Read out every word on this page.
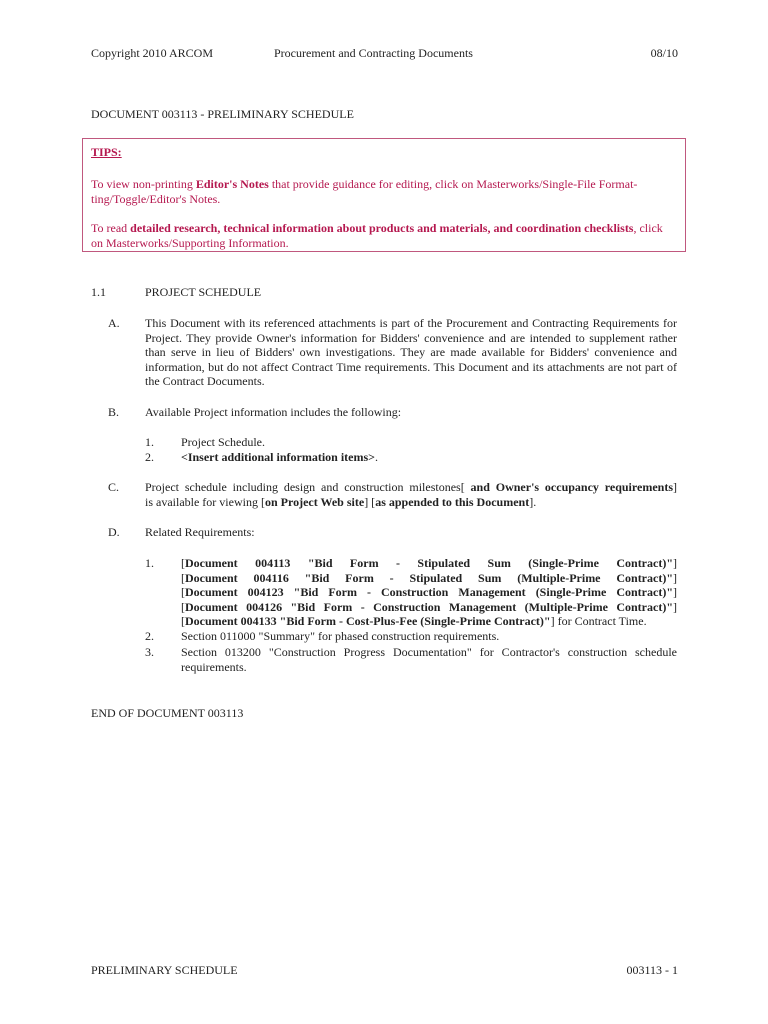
Copyright 2010 ARCOM	Procurement and Contracting Documents	08/10
DOCUMENT 003113 - PRELIMINARY SCHEDULE
TIPS:
To view non-printing Editor's Notes that provide guidance for editing, click on Masterworks/Single-File Format-ting/Toggle/Editor's Notes.
To read detailed research, technical information about products and materials, and coordination checklists, click on Masterworks/Supporting Information.
1.1	PROJECT SCHEDULE
A. This Document with its referenced attachments is part of the Procurement and Contracting Requirements for Project. They provide Owner's information for Bidders' convenience and are intended to supplement rather than serve in lieu of Bidders' own investigations. They are made available for Bidders' convenience and information, but do not affect Contract Time requirements. This Document and its attachments are not part of the Contract Documents.
B. Available Project information includes the following:
1. Project Schedule.
2. <Insert additional information items>.
C. Project schedule including design and construction milestones[ and Owner's occupancy requirements]
is available for viewing [on Project Web site] [as appended to this Document].
D. Related Requirements:
1. [Document 004113 "Bid Form - Stipulated Sum (Single-Prime Contract)"]
[Document 004116 "Bid Form - Stipulated Sum (Multiple-Prime Contract)"]
[Document 004123 "Bid Form - Construction Management (Single-Prime Contract)"]
[Document 004126 "Bid Form - Construction Management (Multiple-Prime Contract)"]
[Document 004133 "Bid Form - Cost-Plus-Fee (Single-Prime Contract)"] for Contract Time.
2. Section 011000 "Summary" for phased construction requirements.
3. Section 013200 "Construction Progress Documentation" for Contractor's construction schedule requirements.
END OF DOCUMENT 003113
PRELIMINARY SCHEDULE	003113 - 1
